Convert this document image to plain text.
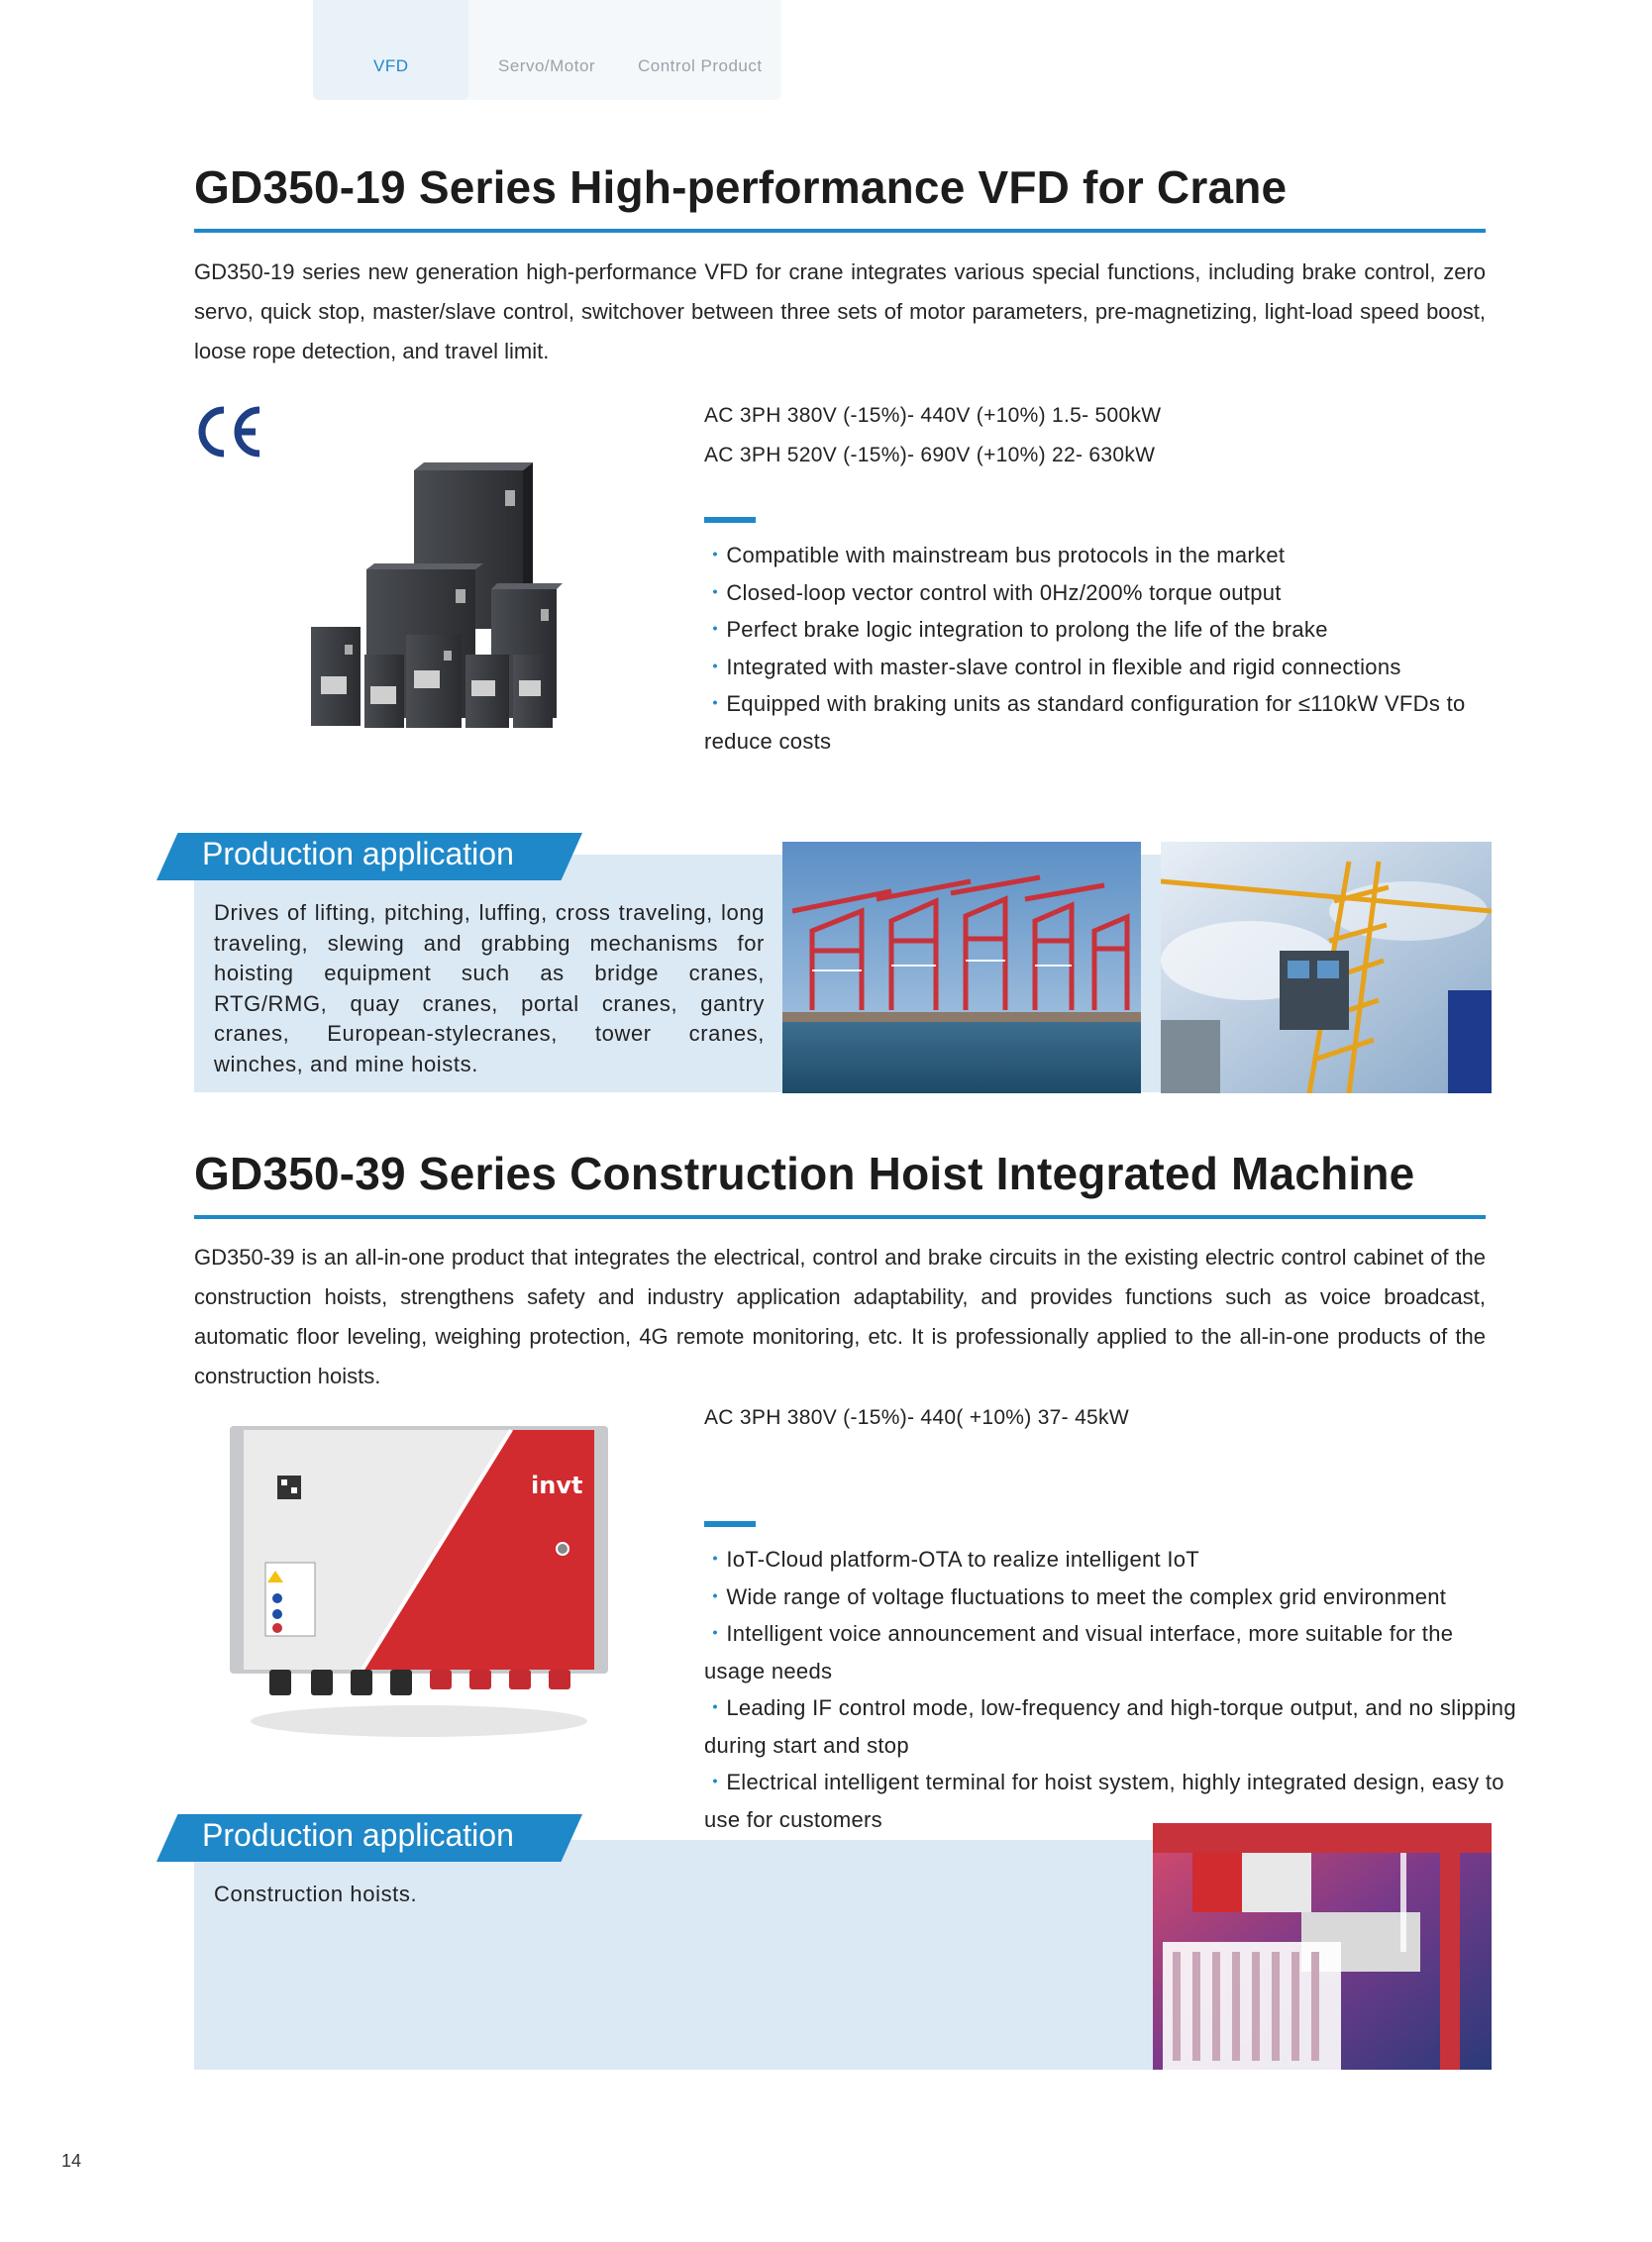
VFD	Servo/Motor	Control Product
GD350-19 Series High-performance VFD for Crane
GD350-19 series new generation high-performance VFD for crane integrates various special functions, including brake control, zero servo, quick stop, master/slave control, switchover between three sets of motor parameters, pre-magnetizing, light-load speed boost, loose rope detection, and travel limit.
AC 3PH 380V (-15%)- 440V (+10%) 1.5- 500kW
AC 3PH 520V (-15%)- 690V (+10%) 22- 630kW
・Compatible with mainstream bus protocols in the market
・Closed-loop vector control with 0Hz/200% torque output
・Perfect brake logic integration to prolong the life of the brake
・Integrated with master-slave control in flexible and rigid connections
・Equipped with braking units as standard configuration for ≤110kW VFDs to reduce costs
Production application
Drives of lifting, pitching, luffing, cross traveling, long traveling, slewing and grabbing mechanisms for hoisting equipment such as bridge cranes, RTG/RMG, quay cranes, portal cranes, gantry cranes, European-stylecranes, tower cranes, winches, and mine hoists.
GD350-39 Series Construction Hoist Integrated Machine
GD350-39 is an all-in-one product that integrates the electrical, control and brake circuits in the existing electric control cabinet of the construction hoists, strengthens safety and industry application adaptability, and provides functions such as voice broadcast, automatic floor leveling, weighing protection, 4G remote monitoring, etc. It is professionally applied to the all-in-one products of the construction hoists.
AC 3PH 380V (-15%)- 440( +10%) 37- 45kW
invt
・IoT-Cloud platform-OTA to realize intelligent IoT
・Wide range of voltage fluctuations to meet the complex grid environment
・Intelligent voice announcement and visual interface, more suitable for the usage needs
・Leading IF control mode, low-frequency and high-torque output, and no slipping during start and stop
・Electrical intelligent terminal for hoist system, highly integrated design, easy to use for customers
Production application
Construction hoists.
14
